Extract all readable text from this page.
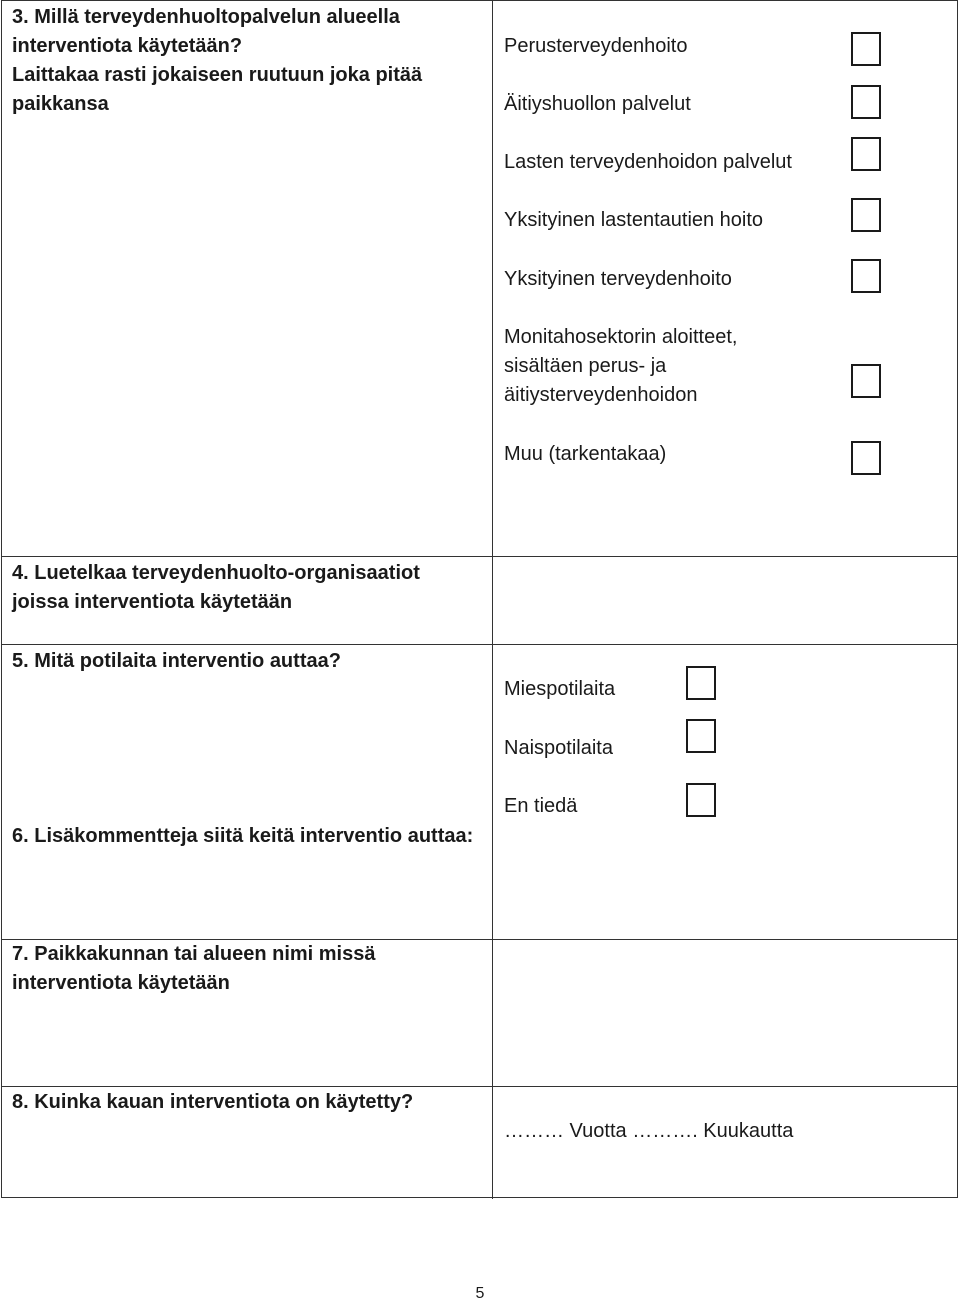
3. Millä terveydenhuoltopalvelun alueella interventiota käytetään?
Laittakaa rasti jokaiseen ruutuun joka pitää paikkansa
Perusterveydenhoito
Äitiyshuollon palvelut
Lasten terveydenhoidon palvelut
Yksityinen lastentautien hoito
Yksityinen terveydenhoito
Monitahosektorin aloitteet,
sisältäen perus- ja
äitiysterveydenhoidon
Muu (tarkentakaa)
4. Luetelkaa terveydenhuolto-organisaatiot joissa interventiota käytetään
5. Mitä potilaita interventio auttaa?
Miespotilaita
Naispotilaita
En tiedä
6. Lisäkommentteja siitä keitä interventio auttaa:
7. Paikkakunnan tai alueen nimi missä interventiota käytetään
8. Kuinka kauan interventiota on käytetty?
……… Vuotta ………. Kuukautta
5
